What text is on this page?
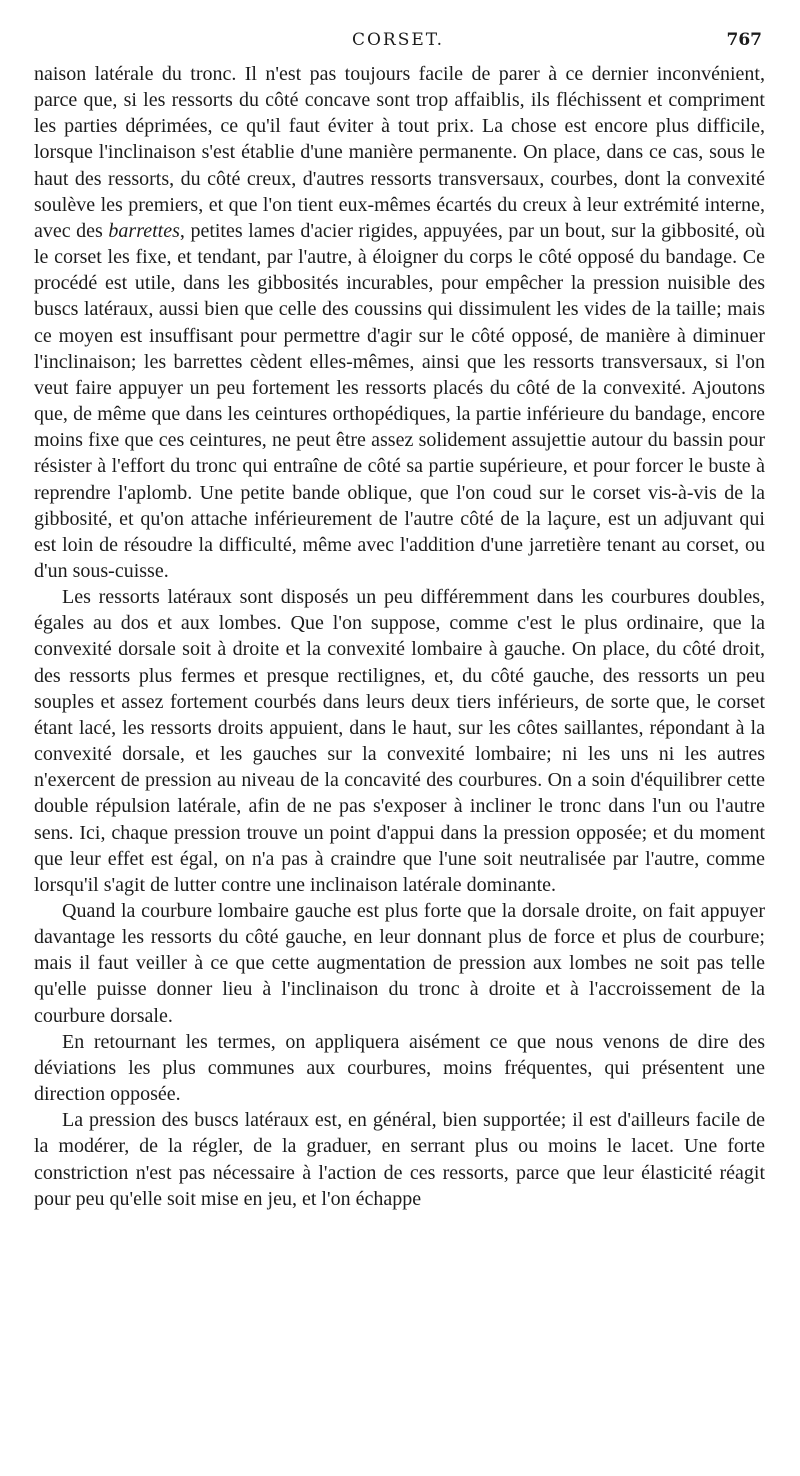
CORSET.	767

naison latérale du tronc. Il n'est pas toujours facile de parer à ce dernier inconvénient, parce que, si les ressorts du côté concave sont trop affaiblis, ils fléchissent et compriment les parties déprimées, ce qu'il faut éviter à tout prix. La chose est encore plus difficile, lorsque l'inclinaison s'est établie d'une manière permanente. On place, dans ce cas, sous le haut des ressorts, du côté creux, d'autres ressorts transversaux, courbes, dont la convexité soulève les premiers, et que l'on tient eux-mêmes écartés du creux à leur extrémité interne, avec des barrettes, petites lames d'acier rigides, appuyées, par un bout, sur la gibbosité, où le corset les fixe, et tendant, par l'autre, à éloigner du corps le côté opposé du bandage. Ce procédé est utile, dans les gibbosités incurables, pour empêcher la pression nuisible des buscs latéraux, aussi bien que celle des coussins qui dissimulent les vides de la taille; mais ce moyen est insuffisant pour permettre d'agir sur le côté opposé, de manière à diminuer l'inclinaison; les barrettes cèdent elles-mêmes, ainsi que les ressorts transversaux, si l'on veut faire appuyer un peu fortement les ressorts placés du côté de la convexité. Ajoutons que, de même que dans les ceintures orthopédiques, la partie inférieure du bandage, encore moins fixe que ces ceintures, ne peut être assez solidement assujettie autour du bassin pour résister à l'effort du tronc qui entraîne de côté sa partie supérieure, et pour forcer le buste à reprendre l'aplomb. Une petite bande oblique, que l'on coud sur le corset vis-à-vis de la gibbosité, et qu'on attache inférieurement de l'autre côté de la laçure, est un adjuvant qui est loin de résoudre la difficulté, même avec l'addition d'une jarretière tenant au corset, ou d'un sous-cuisse.

Les ressorts latéraux sont disposés un peu différemment dans les courbures doubles, égales au dos et aux lombes. Que l'on suppose, comme c'est le plus ordinaire, que la convexité dorsale soit à droite et la convexité lombaire à gauche. On place, du côté droit, des ressorts plus fermes et presque rectilignes, et, du côté gauche, des ressorts un peu souples et assez fortement courbés dans leurs deux tiers inférieurs, de sorte que, le corset étant lacé, les ressorts droits appuient, dans le haut, sur les côtes saillantes, répondant à la convexité dorsale, et les gauches sur la convexité lombaire; ni les uns ni les autres n'exercent de pression au niveau de la concavité des courbures. On a soin d'équilibrer cette double répulsion latérale, afin de ne pas s'exposer à incliner le tronc dans l'un ou l'autre sens. Ici, chaque pression trouve un point d'appui dans la pression opposée; et du moment que leur effet est égal, on n'a pas à craindre que l'une soit neutralisée par l'autre, comme lorsqu'il s'agit de lutter contre une inclinaison latérale dominante.

Quand la courbure lombaire gauche est plus forte que la dorsale droite, on fait appuyer davantage les ressorts du côté gauche, en leur donnant plus de force et plus de courbure; mais il faut veiller à ce que cette augmentation de pression aux lombes ne soit pas telle qu'elle puisse donner lieu à l'inclinaison du tronc à droite et à l'accroissement de la courbure dorsale.

En retournant les termes, on appliquera aisément ce que nous venons de dire des déviations les plus communes aux courbures, moins fréquentes, qui présentent une direction opposée.

La pression des buscs latéraux est, en général, bien supportée; il est d'ailleurs facile de la modérer, de la régler, de la graduer, en serrant plus ou moins le lacet. Une forte constriction n'est pas nécessaire à l'action de ces ressorts, parce que leur élasticité réagit pour peu qu'elle soit mise en jeu, et l'on échappe
